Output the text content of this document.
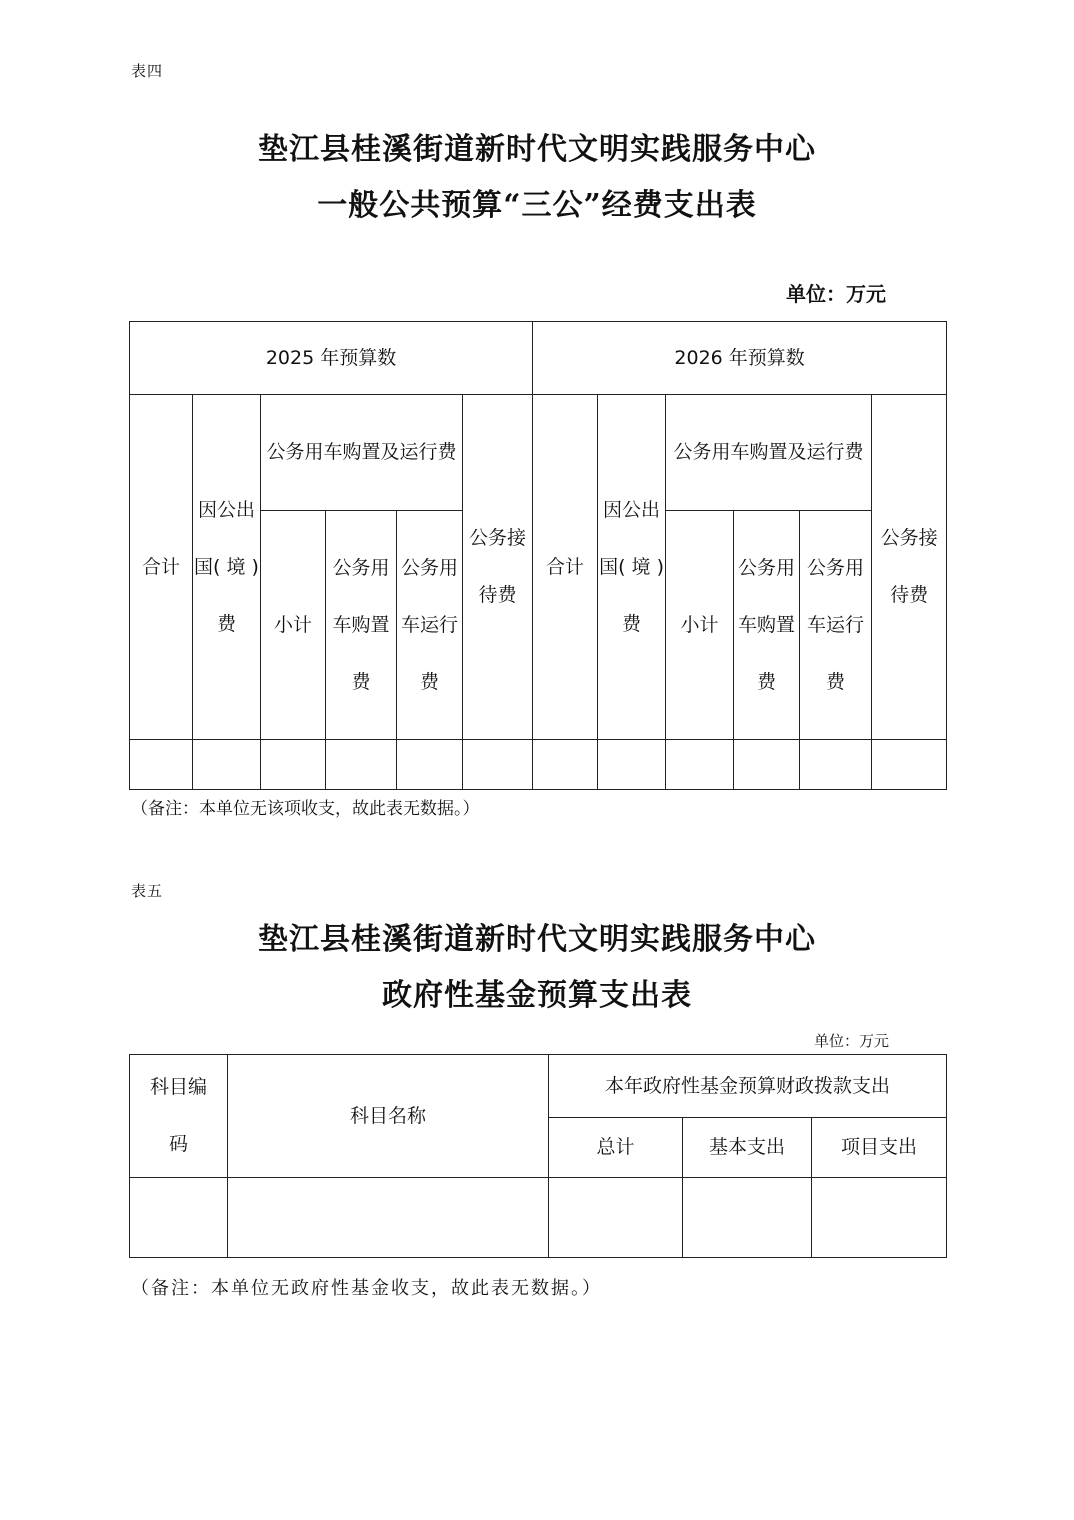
表四
垫江县桂溪街道新时代文明实践服务中心
一般公共预算“三公”经费支出表
单位：万元
2025 年预算数						2026 年预算数					
合计	因公出国( 境 )费	公务用车购置及运行费			公务接待费	合计	因公出国( 境 )费	公务用车购置及运行费			公务接待费
		小计	公务用车购置费	公务用车运行费				小计	公务用车购置费	公务用车运行费	

（备注：本单位无该项收支，故此表无数据。）
表五
垫江县桂溪街道新时代文明实践服务中心
政府性基金预算支出表
单位：万元
科目编码	科目名称	本年政府性基金预算财政拨款支出		
		总计	基本支出	项目支出

（备注：本单位无政府性基金收支，故此表无数据。）
